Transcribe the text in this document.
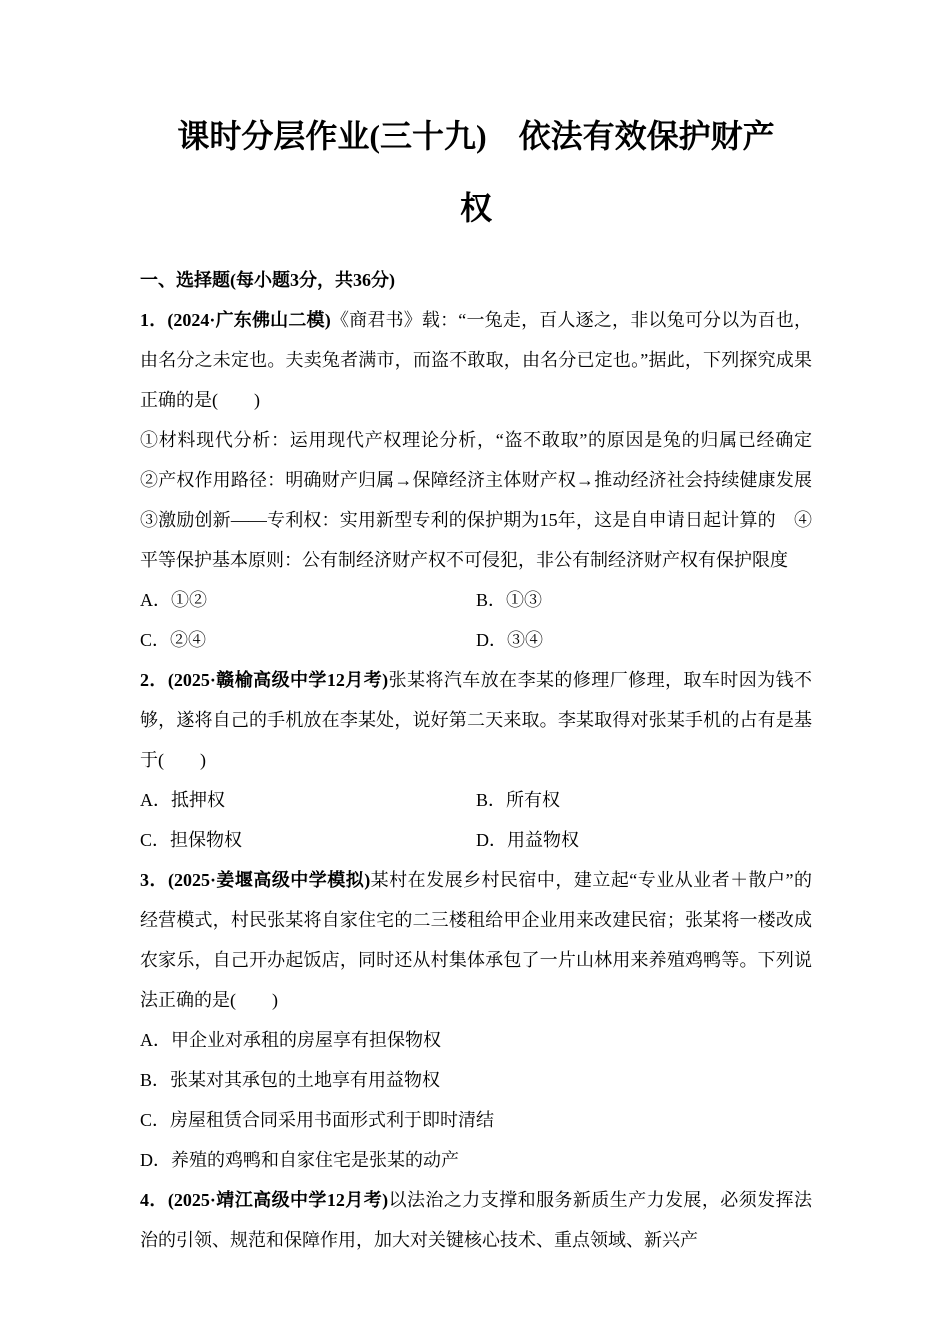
课时分层作业(三十九)　依法有效保护财产
权
一、选择题(每小题3分，共36分)

1．(2024·广东佛山二模)《商君书》载：“一兔走，百人逐之，非以兔可分以为百也，由名分之未定也。夫卖兔者满市，而盗不敢取，由名分已定也。”据此，下列探究成果正确的是(　　)

①材料现代分析：运用现代产权理论分析，“盗不敢取”的原因是兔的归属已经确定　②产权作用路径：明确财产归属→保障经济主体财产权→推动经济社会持续健康发展　③激励创新——专利权：实用新型专利的保护期为15年，这是自申请日起计算的　④平等保护基本原则：公有制经济财产权不可侵犯，非公有制经济财产权有保护限度

A．①②	B．①③
C．②④	D．③④

2．(2025·赣榆高级中学12月考)张某将汽车放在李某的修理厂修理，取车时因为钱不够，遂将自己的手机放在李某处，说好第二天来取。李某取得对张某手机的占有是基于(　　)

A．抵押权	B．所有权
C．担保物权	D．用益物权

3．(2025·姜堰高级中学模拟)某村在发展乡村民宿中，建立起“专业从业者＋散户”的经营模式，村民张某将自家住宅的二三楼租给甲企业用来改建民宿；张某将一楼改成农家乐，自己开办起饭店，同时还从村集体承包了一片山林用来养殖鸡鸭等。下列说法正确的是(　　)

A．甲企业对承租的房屋享有担保物权
B．张某对其承包的土地享有用益物权
C．房屋租赁合同采用书面形式利于即时清结
D．养殖的鸡鸭和自家住宅是张某的动产

4．(2025·靖江高级中学12月考)以法治之力支撑和服务新质生产力发展，必须发挥法治的引领、规范和保障作用，加大对关键核心技术、重点领域、新兴产
